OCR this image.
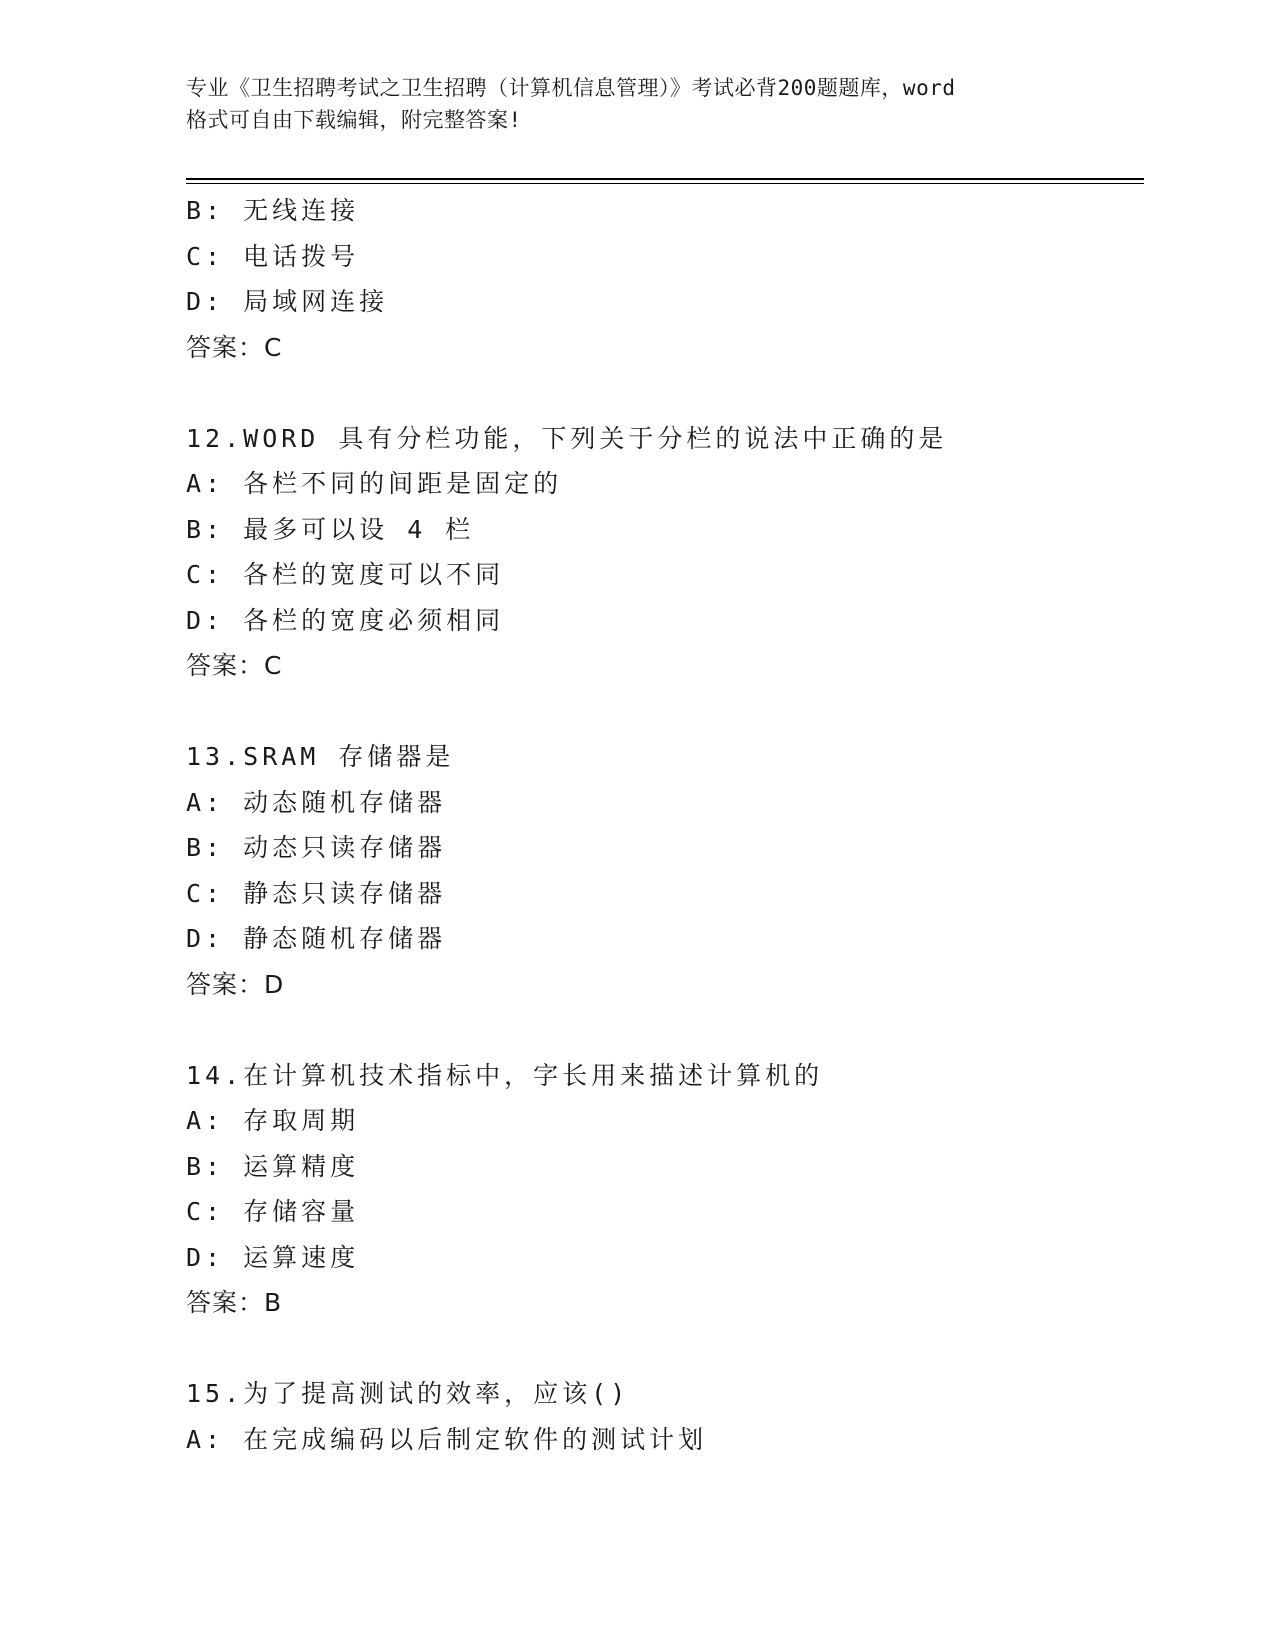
专业《卫生招聘考试之卫生招聘（计算机信息管理）》考试必背200题题库，word
格式可自由下载编辑，附完整答案!
B: 无线连接
C: 电话拨号
D: 局域网连接
答案：C
12.WORD 具有分栏功能，下列关于分栏的说法中正确的是
A: 各栏不同的间距是固定的
B: 最多可以设 4 栏
C: 各栏的宽度可以不同
D: 各栏的宽度必须相同
答案：C
13.SRAM 存储器是
A: 动态随机存储器
B: 动态只读存储器
C: 静态只读存储器
D: 静态随机存储器
答案：D
14.在计算机技术指标中，字长用来描述计算机的
A: 存取周期
B: 运算精度
C: 存储容量
D: 运算速度
答案：B
15.为了提高测试的效率，应该()
A: 在完成编码以后制定软件的测试计划
